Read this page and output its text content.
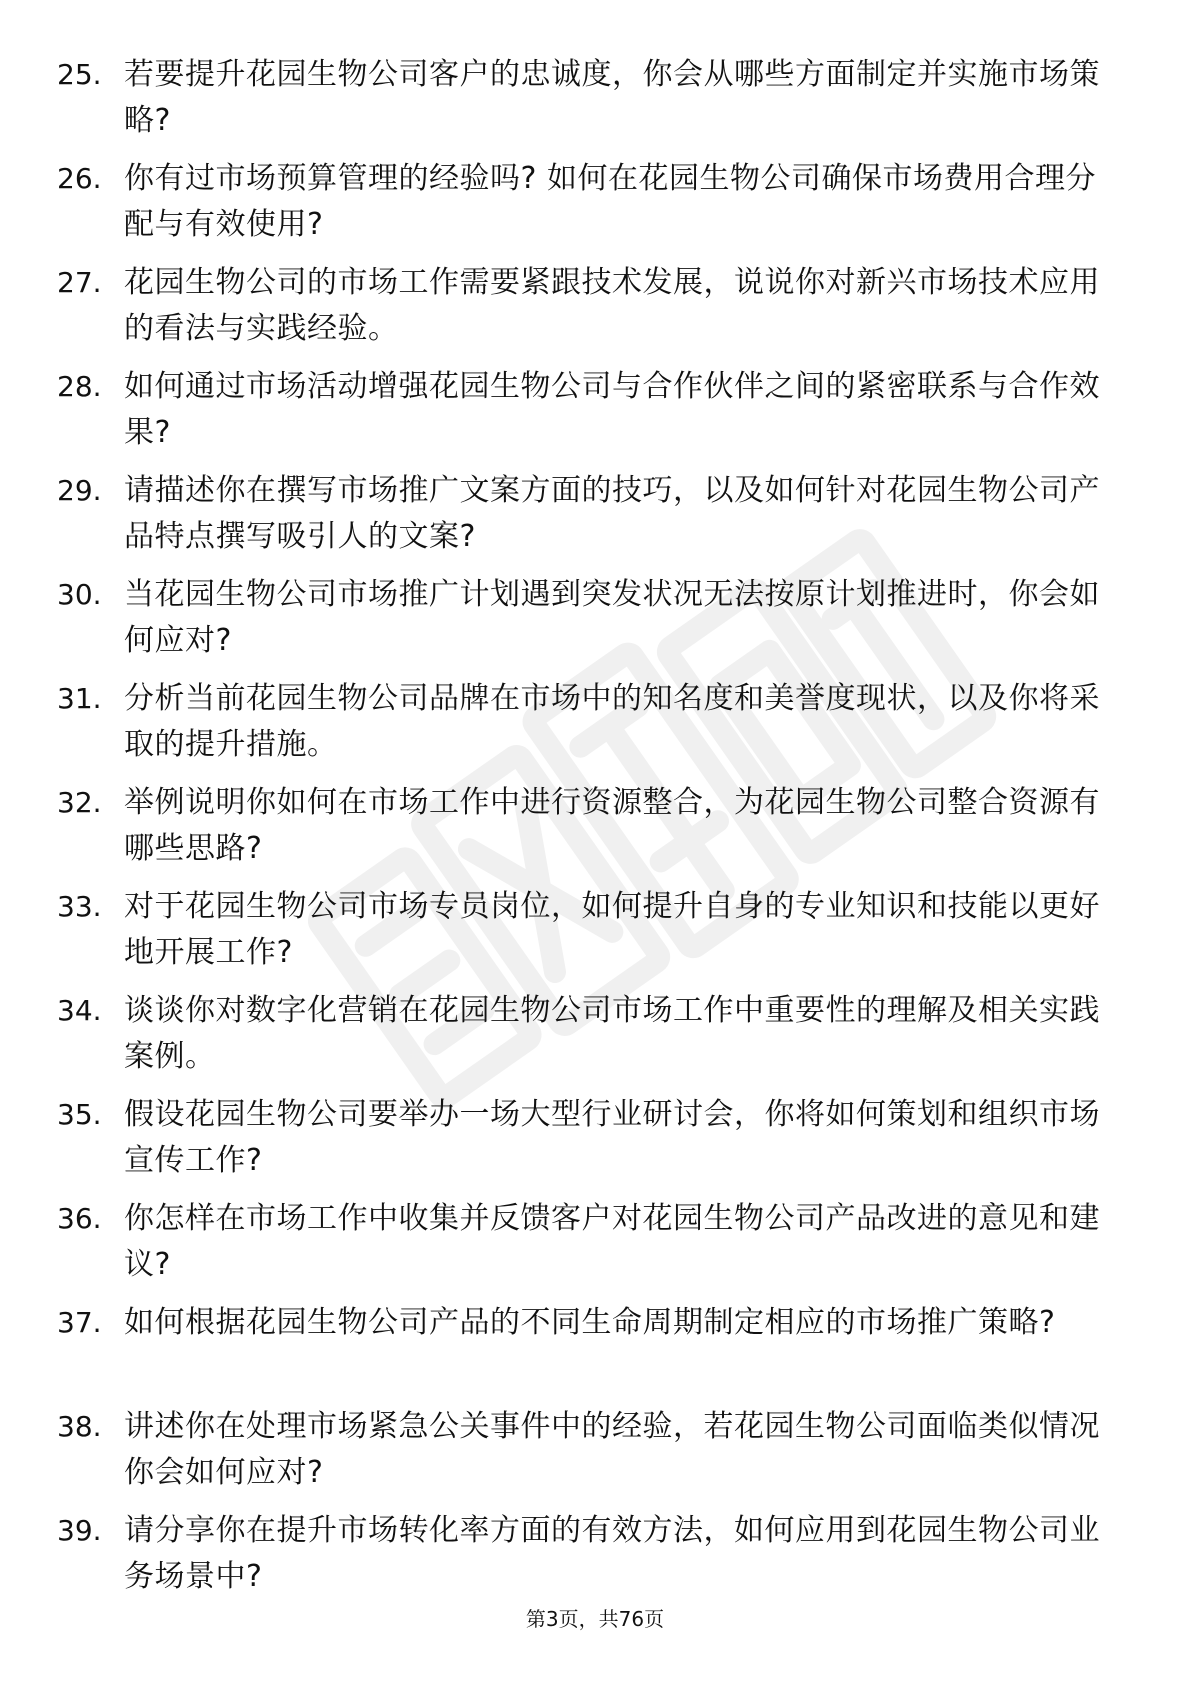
25. 若要提升花园生物公司客户的忠诚度，你会从哪些方面制定并实施市场策略?
26. 你有过市场预算管理的经验吗? 如何在花园生物公司确保市场费用合理分配与有效使用?
27. 花园生物公司的市场工作需要紧跟技术发展，说说你对新兴市场技术应用的看法与实践经验。
28. 如何通过市场活动增强花园生物公司与合作伙伴之间的紧密联系与合作效果?
29. 请描述你在撰写市场推广文案方面的技巧，以及如何针对花园生物公司产品特点撰写吸引人的文案?
30. 当花园生物公司市场推广计划遇到突发状况无法按原计划推进时，你会如何应对?
31. 分析当前花园生物公司品牌在市场中的知名度和美誉度现状，以及你将采取的提升措施。
32. 举例说明你如何在市场工作中进行资源整合，为花园生物公司整合资源有哪些思路?
33. 对于花园生物公司市场专员岗位，如何提升自身的专业知识和技能以更好地开展工作?
34. 谈谈你对数字化营销在花园生物公司市场工作中重要性的理解及相关实践案例。
35. 假设花园生物公司要举办一场大型行业研讨会，你将如何策划和组织市场宣传工作?
36. 你怎样在市场工作中收集并反馈客户对花园生物公司产品改进的意见和建议?
37. 如何根据花园生物公司产品的不同生命周期制定相应的市场推广策略?
38. 讲述你在处理市场紧急公关事件中的经验，若花园生物公司面临类似情况你会如何应对?
39. 请分享你在提升市场转化率方面的有效方法，如何应用到花园生物公司业务场景中?
第3页，共76页
